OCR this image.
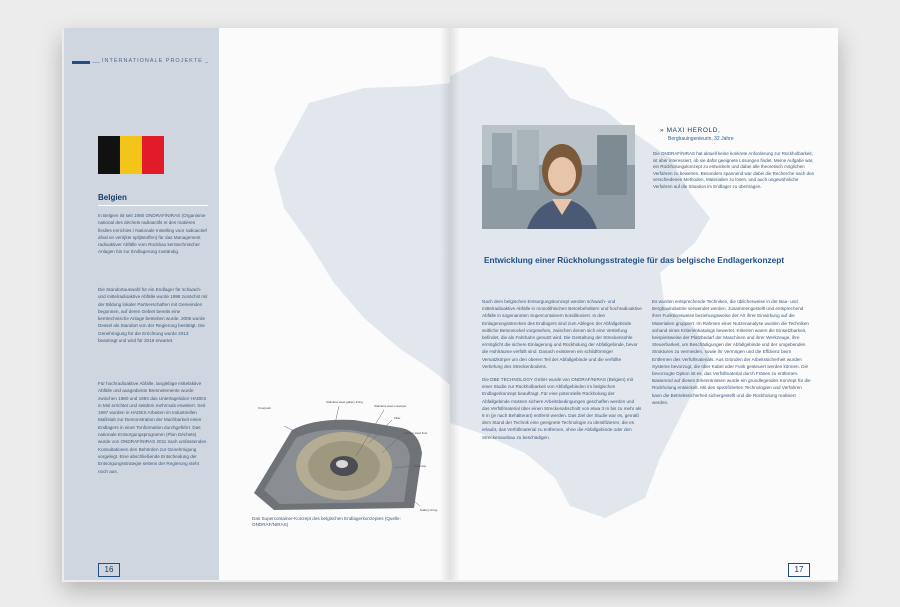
INTERNATIONALE PROJEKTE
Belgien
In Belgien ist seit 1980 ONDRAF/NIRAS (Organisme national des déchets radioactifs et des matières fissiles enrichies / Nationale Instelling voor radioactief afval en verrijkte splijtstoffen) für das Management radioaktiver Abfälle vom Rückbau kerntechnischer Anlagen bis zur Endlagerung zuständig.
Die Standortauswahl für ein Endlager für schwach- und mittelradioaktive Abfälle wurde 1998 zunächst mit der Bildung lokaler Partnerschaften mit Gemeinden begonnen, auf deren Gebiet bereits eine kerntechnische Anlage betrieben wurde. 2006 wurde Dessel als Standort von der Regierung bestätigt. Die Genehmigung für die Errichtung wurde 2013 beantragt und wird für 2019 erwartet.
Für hochradioaktive Abfälle, langlebige mittelaktive Abfälle und ausgediente Brennelemente wurde zwischen 1980 und 1984 das Untertagelabor HADES in Mol errichtet und seitdem mehrmals erweitert. Seit 1997 wurden in HADES Arbeiten im Industriellen Maßstab zur Demonstration der Machbarkeit eines Endlagers in einer Tonformation durchgeführt. Das nationale Entsorgungsprogramm (Plan Déchets) wurde von ONDRAF/NIRAS 2011 nach umfassenden Konsultationen den Behörden zur Genehmigung vorgelegt. Eine abschließende Entscheidung der Entsorgungsstrategie seitens der Regierung steht noch aus.
Overpack
Stainless steel gallery lining
Stainless steel envelope
Filler
Carbon steel liner
Concrete
Gallery lining
Das Supercontainer-Konzept des belgischen Endlagerkonzeptes (Quelle: ONDRAF/NIRAS)
16
» MAXI HEROLD,
Bergbauingenieurin, 32 Jahre
Die ONDRAF/NIRAS hat aktuell keine konkrete Anforderung zur Rückholbarkeit, ist aber interessiert, ob sie dafür geeignete Lösungen findet. Meine Aufgabe war, ein Rückholungskonzept zu entwickeln und dabei alle theoretisch möglichen Verfahren zu bewerten. Besonders spannend war dabei die Recherche nach den verschiedenen Methoden, Materialien zu lösen, und auch ungewöhnliche Verfahren auf die Situation im Endlager zu übertragen.
Entwicklung einer Rückholungsstrategie für das belgische Endlagerkonzept

Nach dem belgischen Entsorgungskonzept werden schwach- und mittelradioaktive Abfälle in monolithischen Betonbehältern und hochradioaktive Abfälle in sogenannten Supercontainern konditioniert. In den Einlagerungsstrecken des Endlagers sind zum Ablegen der Abfallgebinde seitliche Betonsockel vorgesehen, zwischen denen sich eine Vertiefung befindet, die als Fahrbahn genutzt wird. Die Gestaltung der Streckensohle ermöglicht die sichere Einlagerung und Rückholung der Abfallgebinde, bevor die Hohlräume verfüllt sind. Danach existieren ein schildförmiger Versatzkörper um den oberen Teil der Abfallgebinde und die verfüllte Vertiefung des Streckenbodens.

Die DBE TECHNOLOGY GmbH wurde von ONDRAF/NIRAS (Belgien) mit einer Studie zur Rückholbarkeit von Abfallgebinden im belgischen Endlagerkonzept beauftragt. Für eine potenzielle Rückholung der Abfallgebinde müssen sichere Arbeitsbedingungen geschaffen werden und das Verfüllmaterial über einen Streckenabschnitt von etwa 3 m bis zu mehr als 6 m (je nach Behälterart) entfernt werden. Das Ziel der Studie war es, gemäß dem Stand der Technik eine geeignete Technologie zu identifizieren, die es erlaubt, das Verfüllmaterial zu entfernen, ohne die Abfallgebinde oder den Streckenausbau zu beschädigen.

Es wurden entsprechende Techniken, die üblicherweise in der Bau- und Bergbauindustrie verwendet werden, zusammengestellt und entsprechend ihrer Funktionsweise beziehungsweise der Art ihrer Einwirkung auf die Materialien gruppiert. Im Rahmen einer Nutzenanalyse wurden die Techniken anhand eines Kriterienkatalogs bewertet. Kriterien waren die Einsetzbarkeit, beispielsweise der Platzbedarf der Maschinen und ihrer Werkzeuge, ihre Steuerbarkeit, um Beschädigungen der Abfallgebinde und der umgebenden Strukturen zu vermeiden, sowie ihr Vermögen und die Effizienz beim Entfernen des Verfüllmaterials. Aus Gründen der Arbeitssicherheit wurden Systeme bevorzugt, die über Kabel oder Funk gesteuert werden können. Die bevorzugte Option ist es, das Verfüllmaterial durch Fräsen zu entfernen. Basierend auf diesen Erkenntnissen wurde ein grundlegendes Konzept für die Rückholung entwickelt. Mit den spezifizierten Technologien und Verfahren kann die Betriebssicherheit sichergestellt und die Rückholung realisiert werden.

17
